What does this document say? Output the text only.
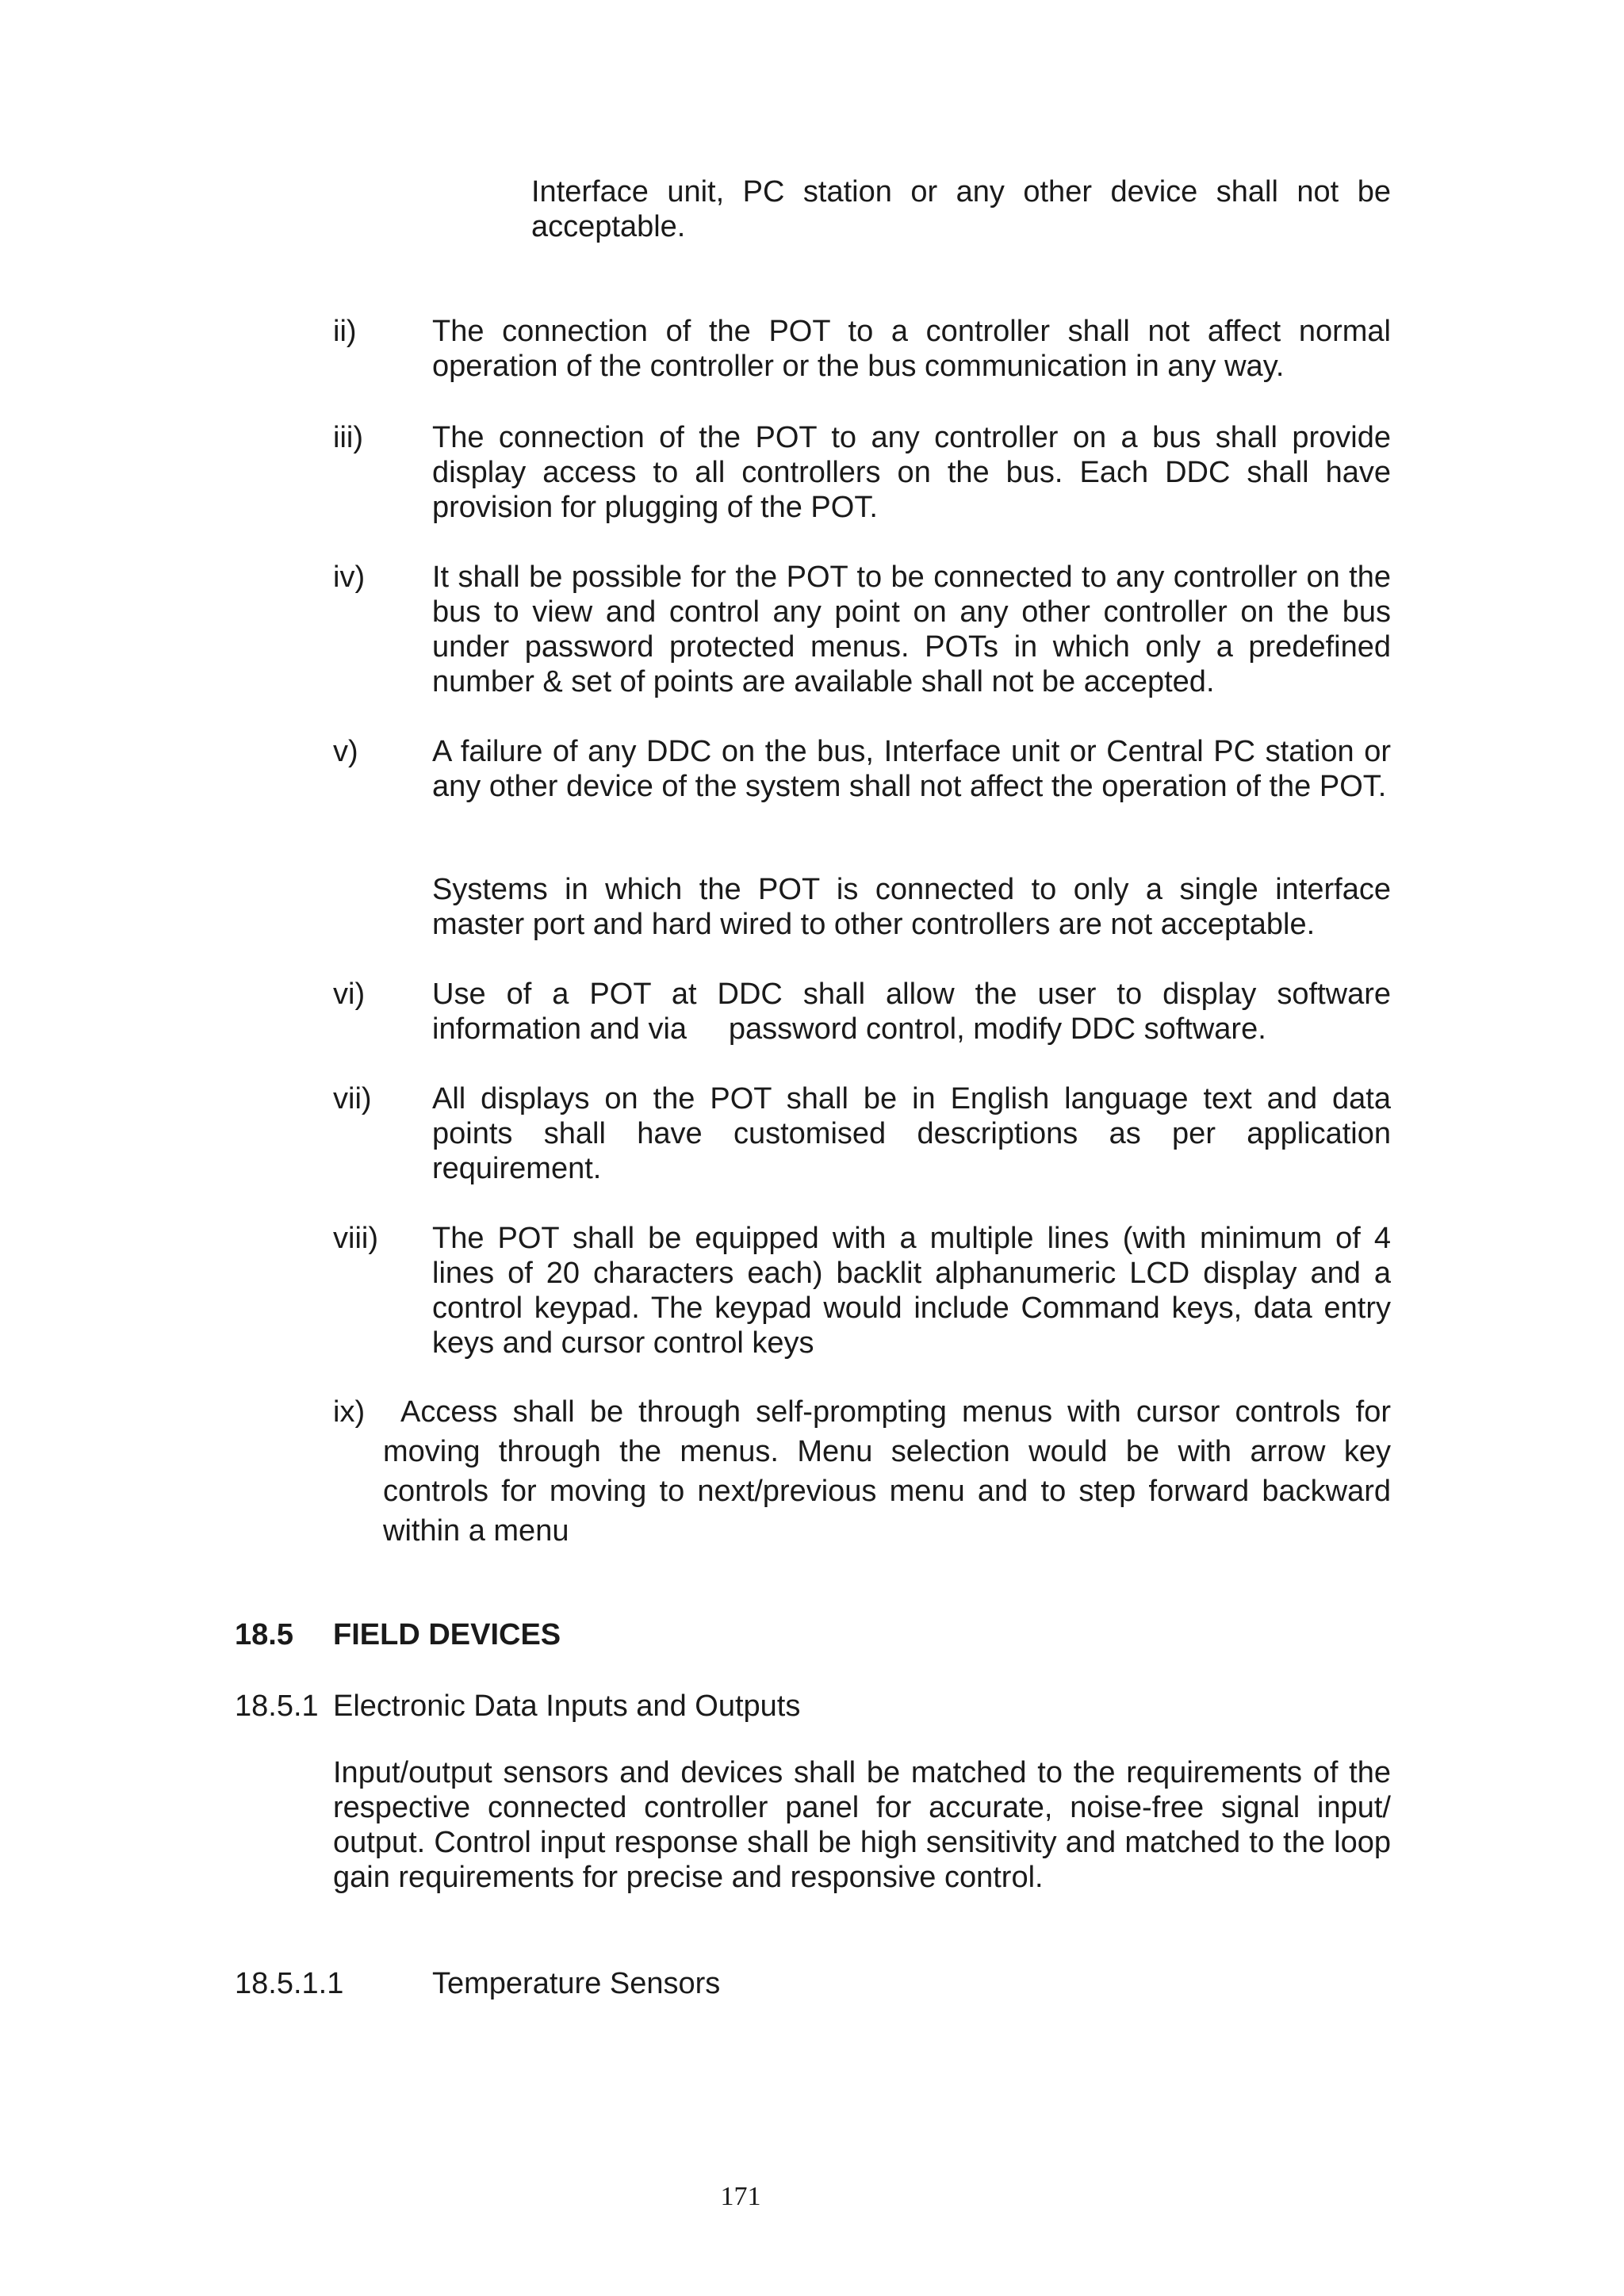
Interface unit, PC station or any other device shall not be acceptable.

ii)	The connection of the POT to a controller shall not affect normal operation of the controller or the bus communication in any way.

iii) The connection of the POT to any controller on a bus shall provide display access to all controllers on the bus. Each DDC shall have provision for plugging of the POT.

iv) It shall be possible for the POT to be connected to any controller on the bus to view and control any point on any other controller on the bus under password protected menus. POTs in which only a predefined number & set of points are available shall not be accepted.

v) A failure of any DDC on the bus, Interface unit or Central PC station or any other device of the system shall not affect the operation of the POT.

Systems in which the POT is connected to only a single interface master port and hard wired to other controllers are not acceptable.

vi) Use of a POT at DDC shall allow the user to display software information and via     password control, modify DDC software.

vii) All displays on the POT shall be in English language text and data points shall have customised descriptions as per application requirement.

viii) The POT shall be equipped with a multiple lines (with minimum of 4 lines of 20 characters each) backlit alphanumeric LCD display and a control keypad. The keypad would include Command keys, data entry keys and cursor control keys

ix)	Access shall be through self-prompting menus with cursor controls for moving through the menus. Menu selection would be with arrow key controls for moving to next/previous menu and to step forward backward within a menu

18.5 FIELD DEVICES
18.5.1 Electronic Data Inputs and Outputs

Input/output sensors and devices shall be matched to the requirements of the respective connected controller panel for accurate, noise-free signal input/ output. Control input response shall be high sensitivity and matched to the loop gain requirements for precise and responsive control.

18.5.1.1	Temperature Sensors
171
